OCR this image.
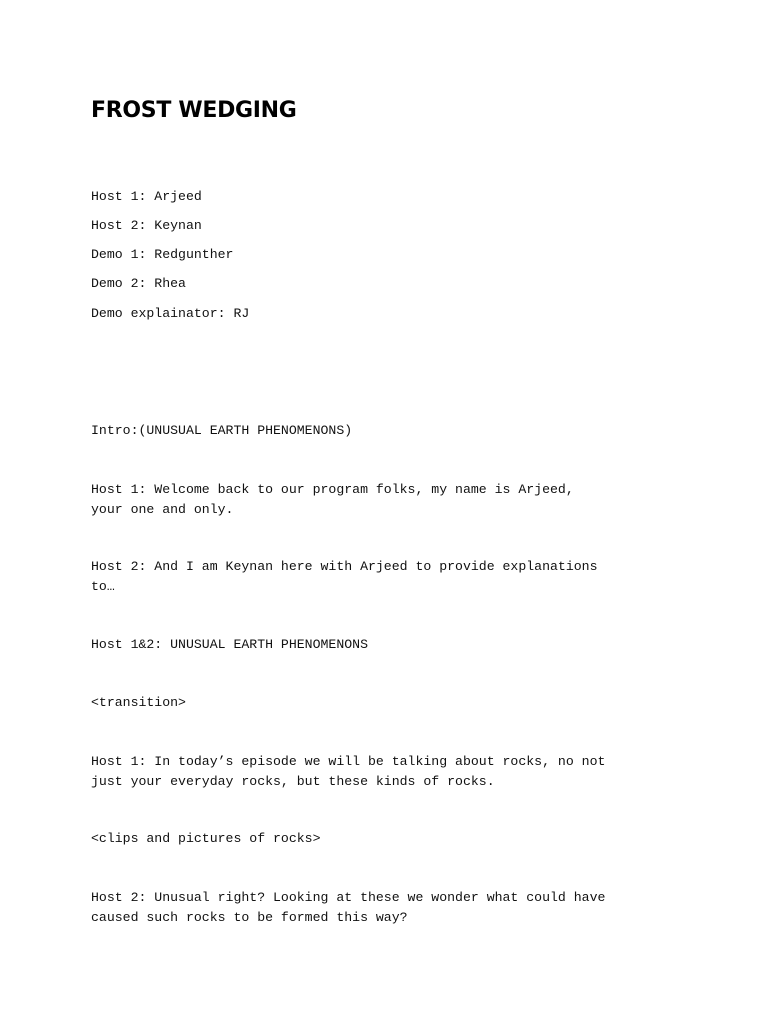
FROST WEDGING

Host 1: Arjeed

Host 2: Keynan

Demo 1: Redgunther

Demo 2: Rhea

Demo explainator: RJ

Intro:(UNUSUAL EARTH PHENOMENONS)

Host 1: Welcome back to our program folks, my name is Arjeed,

your one and only.

Host 2: And I am Keynan here with Arjeed to provide explanations

to…

Host 1&2: UNUSUAL EARTH PHENOMENONS

<transition>

Host 1: In today’s episode we will be talking about rocks, no not

just your everyday rocks, but these kinds of rocks.

<clips and pictures of rocks>

Host 2: Unusual right? Looking at these we wonder what could have

caused such rocks to be formed this way?
